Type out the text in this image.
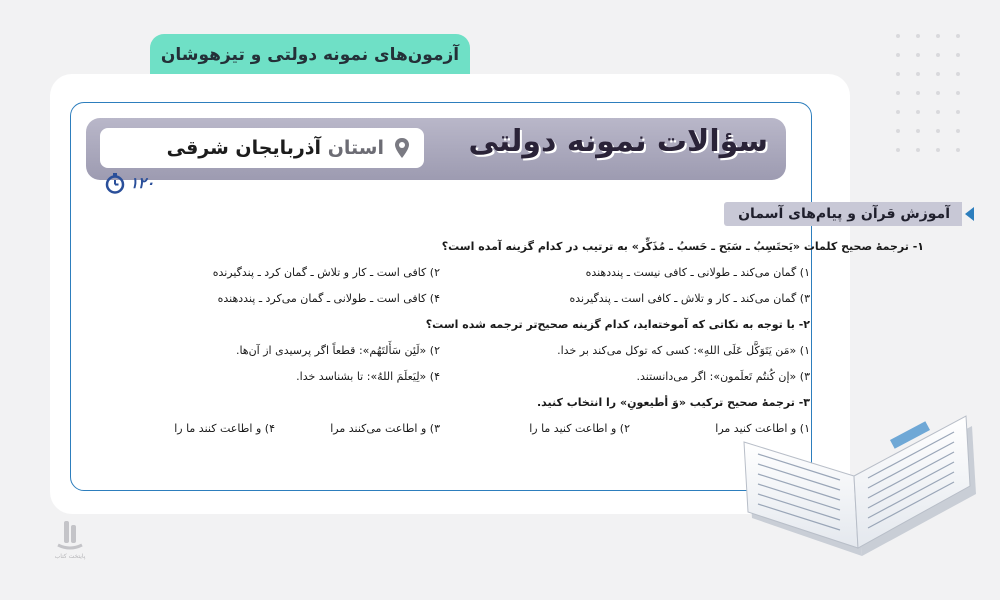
آزمون‌های نمونه دولتی و تیزهوشان
سؤالات نمونه دولتی
استان آذربایجان شرقی
۱۲۰
آموزش قرآن و پیام‌های آسمان
۱- ترجمهٔ صحیح کلمات «یَحتَسِبُ ـ سَبَح ـ حَسبُ ـ مُذَکِّر» به ترتیب در کدام گزینه آمده است؟
۱) گمان می‌کند ـ طولانی ـ کافی نیست ـ پنددهنده
۲) کافی است ـ کار و تلاش ـ گمان کرد ـ پندگیرنده
۳) گمان می‌کند ـ کار و تلاش ـ کافی است ـ پندگیرنده
۴) کافی است ـ طولانی ـ گمان می‌کرد ـ پنددهنده
۲- با توجه به نکاتی که آموخته‌اید، کدام گزینه صحیح‌تر ترجمه شده است؟
۱) «مَن یَتَوَکَّل عَلَی اللهِ»: کسی که توکل می‌کند بر خدا.
۲) «لَئِن سَأَلتَهُم»: قطعاً اگر پرسیدی از آن‌ها.
۳) «إن کُنتُم تَعلَمون»: اگر می‌دانستند.
۴) «لِیَعلَمَ اللهُ»: تا بشناسد خدا.
۳- ترجمهٔ صحیح ترکیب «وَ أطیعونِ» را انتخاب کنید.
۱) و اطاعت کنید مرا
۲) و اطاعت کنید ما را
۳) و اطاعت می‌کنند مرا
۴) و اطاعت کنند ما را
پایتخت کتاب
